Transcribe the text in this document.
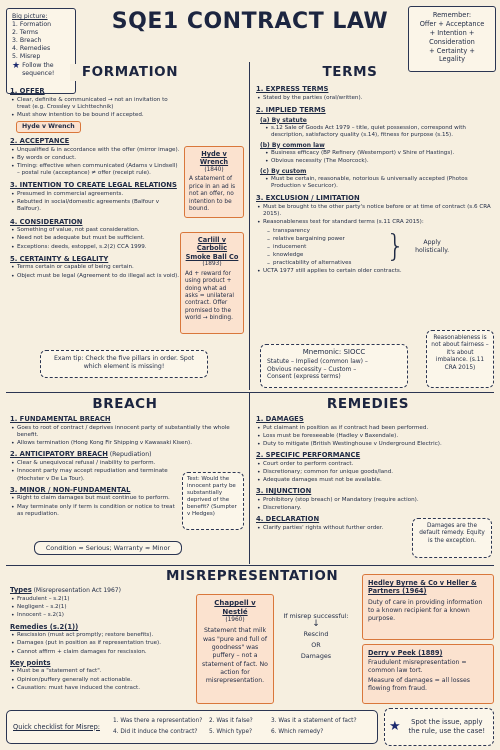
SQE1 CONTRACT LAW
Big picture:
1. Formation
2. Terms
3. Breach
4. Remedies
5. Misrep
★ Follow the sequence!
Remember:
Offer + Acceptance
+ Intention +
Consideration
+ Certainty +
Legality
FORMATION
1. OFFER
• Clear, definite & communicated → not an invitation to treat (e.g. Crossley v Lichttechnik)
• Must show intention to be bound if accepted.
Hyde v Wrench
2. ACCEPTANCE
• Unqualified & in accordance with the offer (mirror image).
• By words or conduct.
• Timing: effective when communicated (Adams v Lindsell) – postal rule (acceptance) ≠ offer (receipt rule).
3. INTENTION TO CREATE LEGAL RELATIONS
• Presumed in commercial agreements.
• Rebutted in social/domestic agreements (Balfour v Balfour).
4. CONSIDERATION
• Something of value, not past consideration.
• Need not be adequate but must be sufficient.
• Exceptions: deeds, estoppel, s.2(2) CCA 1999.
5. CERTAINTY & LEGALITY
• Terms certain or capable of being certain.
• Object must be legal (Agreement to do illegal act is void).
Hyde v Wrench
(1840)
A statement of price in an ad is not an offer, no intention to be bound.
Carlill v Carbolic Smoke Ball Co
(1893)
Ad + reward for using product + doing what ad asks = unilateral contract. Offer promised to the world → binding.
Exam tip: Check the five pillars in order. Spot which element is missing!
TERMS
1. EXPRESS TERMS
• Stated by the parties (oral/written).
2. IMPLIED TERMS
(a) By statute
• s.12 Sale of Goods Act 1979 – title, quiet possession, correspond with description, satisfactory quality (s.14), fitness for purpose (s.15).
(b) By common law
• Business efficacy (BP Refinery (Westernport) v Shire of Hastings).
• Obvious necessity (The Moorcock).
(c) By custom
• Must be certain, reasonable, notorious & universally accepted (Photos Production v Securicor).
3. EXCLUSION / LIMITATION
• Must be brought to the other party's notice before or at time of contract (s.6 CRA 2015).
• Reasonableness test for standard terms (s.11 CRA 2015):
– transparency
– relative bargaining power
– inducement
– knowledge
– practicability of alternatives	}	Apply holistically.
• UCTA 1977 still applies to certain older contracts.
Mnemonic: SIOCC
Statute – Implied (common law) –
Obvious necessity – Custom –
Consent (express terms)
Reasonableness is not about fairness – it's about imbalance. (s.11 CRA 2015)
BREACH
1. FUNDAMENTAL BREACH
• Goes to root of contract / deprives innocent party of substantially the whole benefit.
• Allows termination (Hong Kong Fir Shipping v Kawasaki Kisen).
2. ANTICIPATORY BREACH (Repudiation)
• Clear & unequivocal refusal / inability to perform.
• Innocent party may accept repudiation and terminate (Hochster v De La Tour).
3. MINOR / NON-FUNDAMENTAL
• Right to claim damages but must continue to perform.
• May terminate only if term is condition or notice to treat as repudiation.
Test: Would the innocent party be substantially deprived of the benefit? (Sumpter v Hedges)
Condition ≈ Serious; Warranty ≈ Minor
REMEDIES
1. DAMAGES
• Put claimant in position as if contract had been performed.
• Loss must be foreseeable (Hadley v Baxendale).
• Duty to mitigate (British Westinghouse v Underground Electric).
2. SPECIFIC PERFORMANCE
• Court order to perform contract.
• Discretionary; common for unique goods/land.
• Adequate damages must not be available.
3. INJUNCTION
• Prohibitory (stop breach) or Mandatory (require action).
• Discretionary.
4. DECLARATION
• Clarify parties' rights without further order.	Damages are the default remedy. Equity is the exception.
MISREPRESENTATION
Types (Misrepresentation Act 1967)
• Fraudulent – s.2(1)
• Negligent – s.2(1)
• Innocent – s.2(1)
Remedies (s.2(1))
• Rescission (must act promptly; restore benefits).
• Damages (put in position as if representation true).
• Cannot affirm + claim damages for rescission.
Key points
• Must be a "statement of fact".
• Opinion/puffery generally not actionable.
• Causation: must have induced the contract.
Chappell v Nestlé
(1960)
Statement that milk was "pure and full of goodness" was puffery – not a statement of fact. No action for misrepresentation.
If misrep successful:
↓
Rescind
OR
Damages
Hedley Byrne & Co v Heller & Partners (1964)
Duty of care in providing information to a known recipient for a known purpose.
Derry v Peek (1889)
Fraudulent misrepresentation = common law tort.
Measure of damages = all losses flowing from fraud.
Quick checklist for Misrep:
1. Was there a representation?	2. Was it false?	3. Was it a statement of fact?
4. Did it induce the contract?	5. Which type?	6. Which remedy?	★	Spot the issue, apply the rule, use the case!
